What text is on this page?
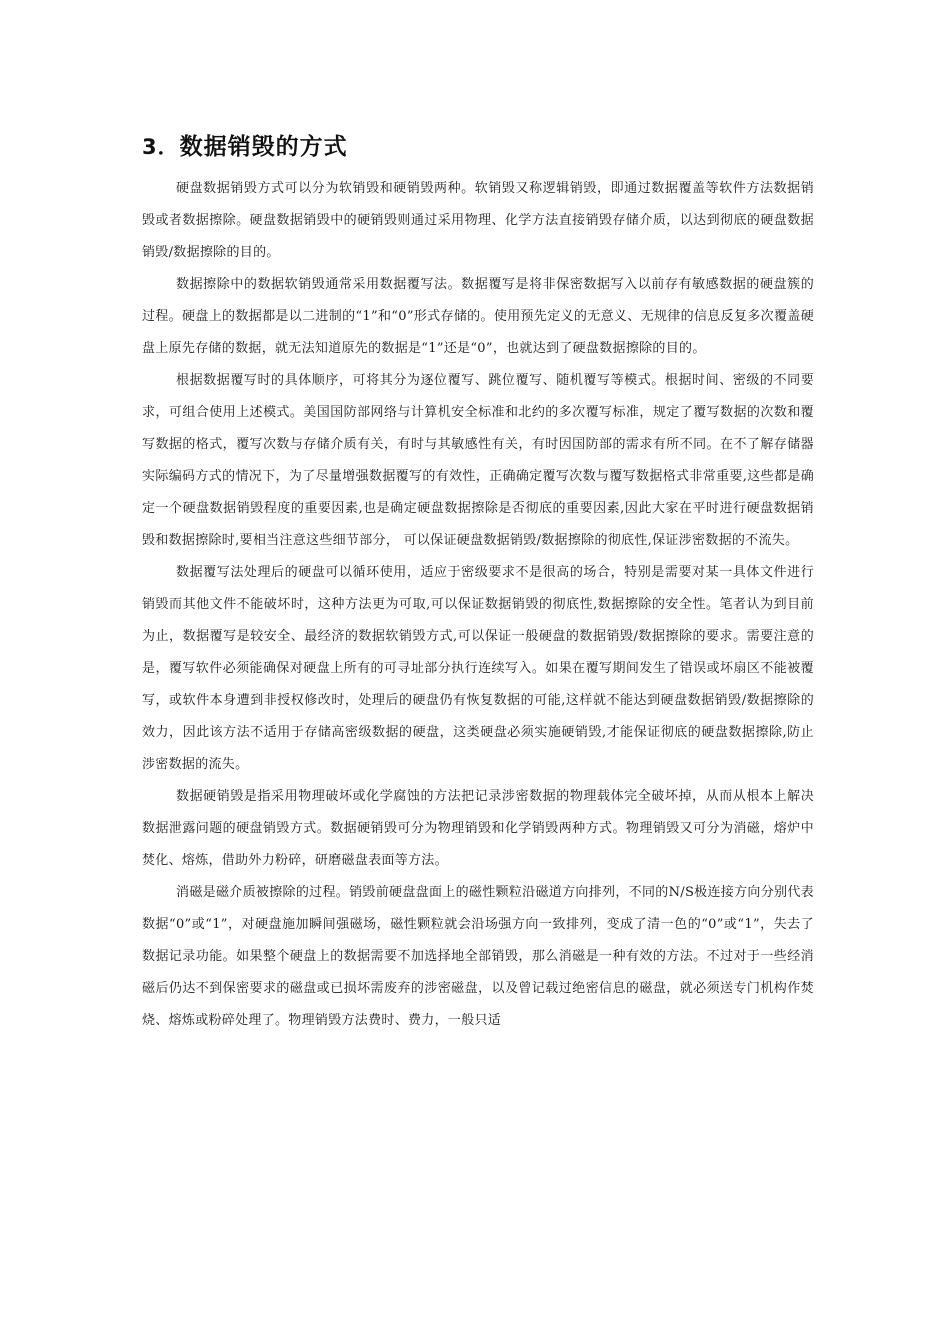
3．数据销毁的方式

硬盘数据销毁方式可以分为软销毁和硬销毁两种。软销毁又称逻辑销毁，即通过数据覆盖等软件方法数据销毁或者数据擦除。硬盘数据销毁中的硬销毁则通过采用物理、化学方法直接销毁存储介质，以达到彻底的硬盘数据销毁/数据擦除的目的。

数据擦除中的数据软销毁通常采用数据覆写法。数据覆写是将非保密数据写入以前存有敏感数据的硬盘簇的过程。硬盘上的数据都是以二进制的“1”和“0”形式存储的。使用预先定义的无意义、无规律的信息反复多次覆盖硬盘上原先存储的数据，就无法知道原先的数据是“1”还是“0”，也就达到了硬盘数据擦除的目的。

根据数据覆写时的具体顺序，可将其分为逐位覆写、跳位覆写、随机覆写等模式。根据时间、密级的不同要求，可组合使用上述模式。美国国防部网络与计算机安全标准和北约的多次覆写标准，规定了覆写数据的次数和覆写数据的格式，覆写次数与存储介质有关，有时与其敏感性有关，有时因国防部的需求有所不同。在不了解存储器实际编码方式的情况下，为了尽量增强数据覆写的有效性，正确确定覆写次数与覆写数据格式非常重要,这些都是确定一个硬盘数据销毁程度的重要因素,也是确定硬盘数据擦除是否彻底的重要因素,因此大家在平时进行硬盘数据销毁和数据擦除时,要相当注意这些细节部分， 可以保证硬盘数据销毁/数据擦除的彻底性,保证涉密数据的不流失。

数据覆写法处理后的硬盘可以循环使用，适应于密级要求不是很高的场合，特别是需要对某一具体文件进行销毁而其他文件不能破坏时，这种方法更为可取,可以保证数据销毁的彻底性,数据擦除的安全性。笔者认为到目前为止，数据覆写是较安全、最经济的数据软销毁方式,可以保证一般硬盘的数据销毁/数据擦除的要求。需要注意的是，覆写软件必须能确保对硬盘上所有的可寻址部分执行连续写入。如果在覆写期间发生了错误或坏扇区不能被覆写，或软件本身遭到非授权修改时，处理后的硬盘仍有恢复数据的可能,这样就不能达到硬盘数据销毁/数据擦除的效力，因此该方法不适用于存储高密级数据的硬盘，这类硬盘必须实施硬销毁,才能保证彻底的硬盘数据擦除,防止涉密数据的流失。

数据硬销毁是指采用物理破坏或化学腐蚀的方法把记录涉密数据的物理载体完全破坏掉，从而从根本上解决数据泄露问题的硬盘销毁方式。数据硬销毁可分为物理销毁和化学销毁两种方式。物理销毁又可分为消磁，熔炉中焚化、熔炼，借助外力粉碎，研磨磁盘表面等方法。

消磁是磁介质被擦除的过程。销毁前硬盘盘面上的磁性颗粒沿磁道方向排列，不同的N/S极连接方向分别代表数据“0”或“1”，对硬盘施加瞬间强磁场，磁性颗粒就会沿场强方向一致排列，变成了清一色的“0”或“1”，失去了数据记录功能。如果整个硬盘上的数据需要不加选择地全部销毁，那么消磁是一种有效的方法。不过对于一些经消磁后仍达不到保密要求的磁盘或已损坏需废弃的涉密磁盘，以及曾记载过绝密信息的磁盘，就必须送专门机构作焚烧、熔炼或粉碎处理了。物理销毁方法费时、费力，一般只适
